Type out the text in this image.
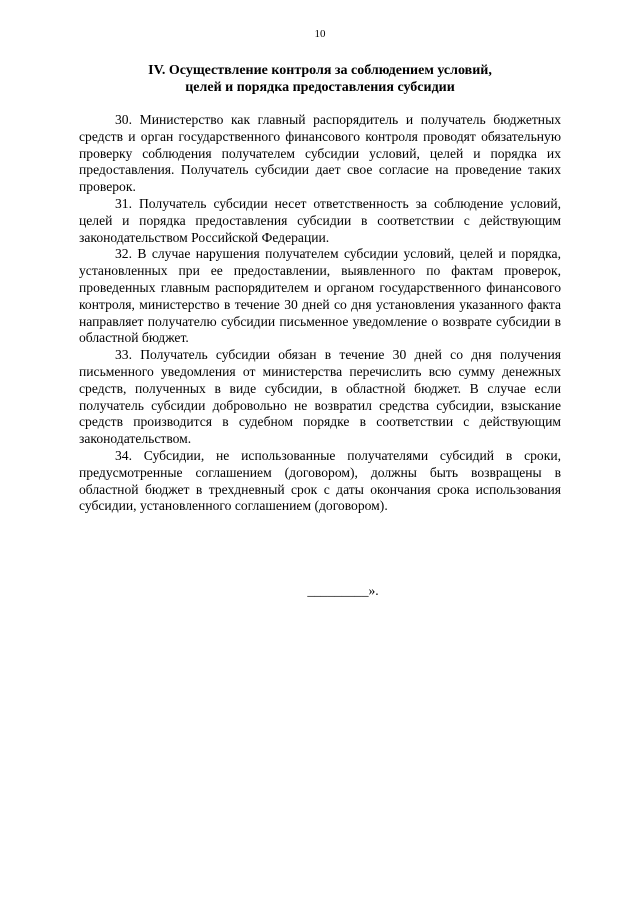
10
IV. Осуществление контроля за соблюдением условий,
целей и порядка предоставления субсидии

30. Министерство как главный распорядитель и получатель бюджетных средств и орган государственного финансового контроля проводят обязательную проверку соблюдения получателем субсидии условий, целей и порядка их предоставления. Получатель субсидии дает свое согласие на проведение таких проверок.

31. Получатель субсидии несет ответственность за соблюдение условий, целей и порядка предоставления субсидии в соответствии с действующим законодательством Российской Федерации.

32. В случае нарушения получателем субсидии условий, целей и порядка, установленных при ее предоставлении, выявленного по фактам проверок, проведенных главным распорядителем и органом государственного финансового контроля, министерство в течение 30 дней со дня установления указанного факта направляет получателю субсидии письменное уведомление о возврате субсидии в областной бюджет.

33. Получатель субсидии обязан в течение 30 дней со дня получения письменного уведомления от министерства перечислить всю сумму денежных средств, полученных в виде субсидии, в областной бюджет. В случае если получатель субсидии добровольно не возвратил средства субсидии, взыскание средств производится в судебном порядке в соответствии с действующим законодательством.

34. Субсидии, не использованные получателями субсидий в сроки, предусмотренные соглашением (договором), должны быть возвращены в областной бюджет в трехдневный срок с даты окончания срока использования субсидии, установленного соглашением (договором).

_________».
